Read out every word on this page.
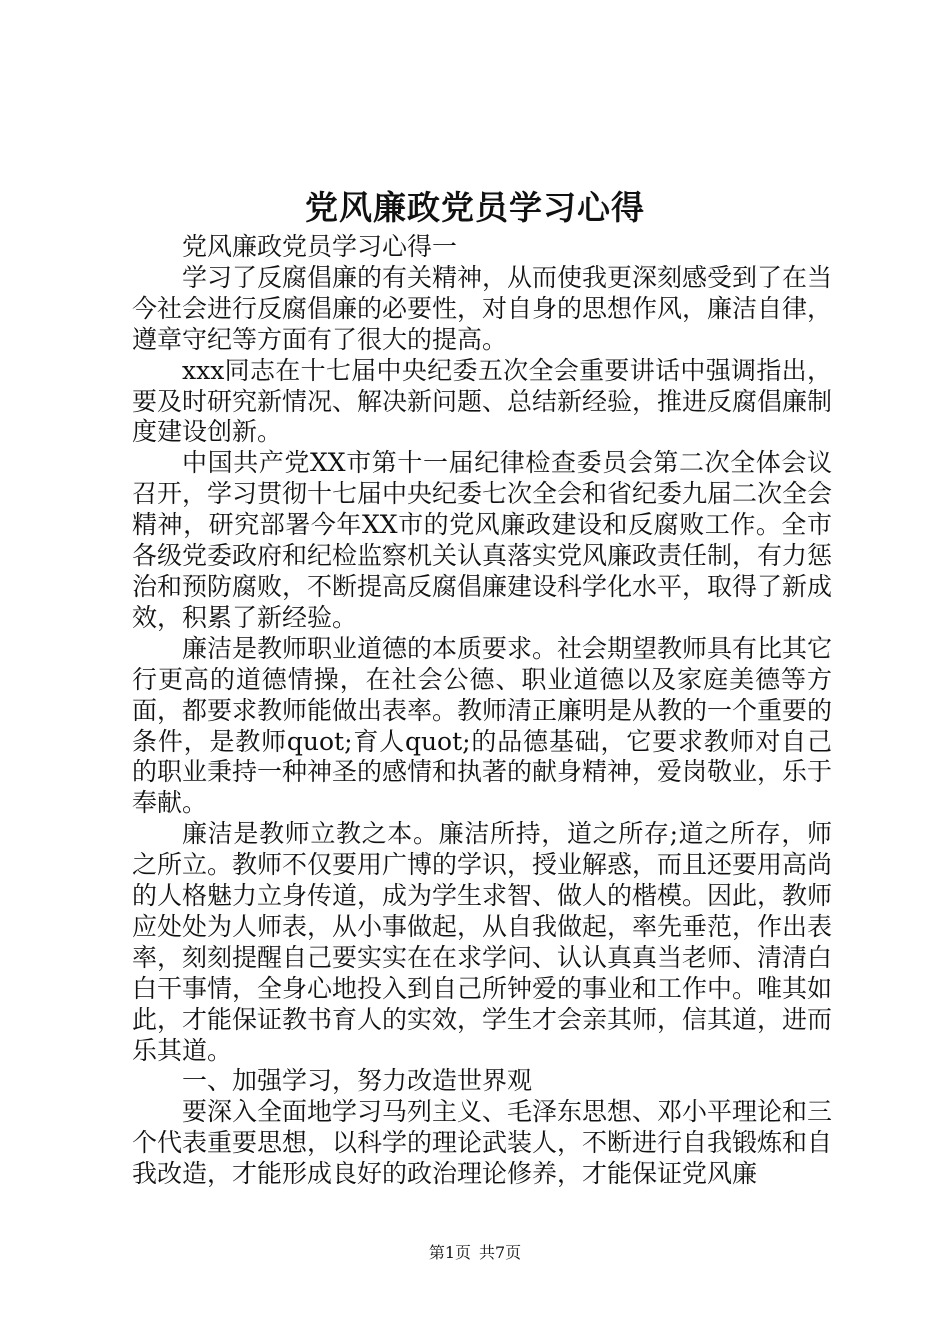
党风廉政党员学习心得

党风廉政党员学习心得一

学习了反腐倡廉的有关精神，从而使我更深刻感受到了在当今社会进行反腐倡廉的必要性，对自身的思想作风，廉洁自律，遵章守纪等方面有了很大的提高。

xxx同志在十七届中央纪委五次全会重要讲话中强调指出，要及时研究新情况、解决新问题、总结新经验，推进反腐倡廉制度建设创新。

中国共产党XX市第十一届纪律检查委员会第二次全体会议召开，学习贯彻十七届中央纪委七次全会和省纪委九届二次全会精神，研究部署今年XX市的党风廉政建设和反腐败工作。全市各级党委政府和纪检监察机关认真落实党风廉政责任制，有力惩治和预防腐败，不断提高反腐倡廉建设科学化水平，取得了新成效，积累了新经验。

廉洁是教师职业道德的本质要求。社会期望教师具有比其它行更高的道德情操，在社会公德、职业道德以及家庭美德等方面，都要求教师能做出表率。教师清正廉明是从教的一个重要的条件，是教师quot;育人quot;的品德基础，它要求教师对自己的职业秉持一种神圣的感情和执著的献身精神，爱岗敬业，乐于奉献。

廉洁是教师立教之本。廉洁所持，道之所存;道之所存，师之所立。教师不仅要用广博的学识，授业解惑，而且还要用高尚的人格魅力立身传道，成为学生求智、做人的楷模。因此，教师应处处为人师表，从小事做起，从自我做起，率先垂范，作出表率，刻刻提醒自己要实实在在求学问、认认真真当老师、清清白白干事情，全身心地投入到自己所钟爱的事业和工作中。唯其如此，才能保证教书育人的实效，学生才会亲其师，信其道，进而乐其道。

一、加强学习，努力改造世界观

要深入全面地学习马列主义、毛泽东思想、邓小平理论和三个代表重要思想，以科学的理论武装人，不断进行自我锻炼和自我改造，才能形成良好的政治理论修养，才能保证党风廉

第1页 共7页
